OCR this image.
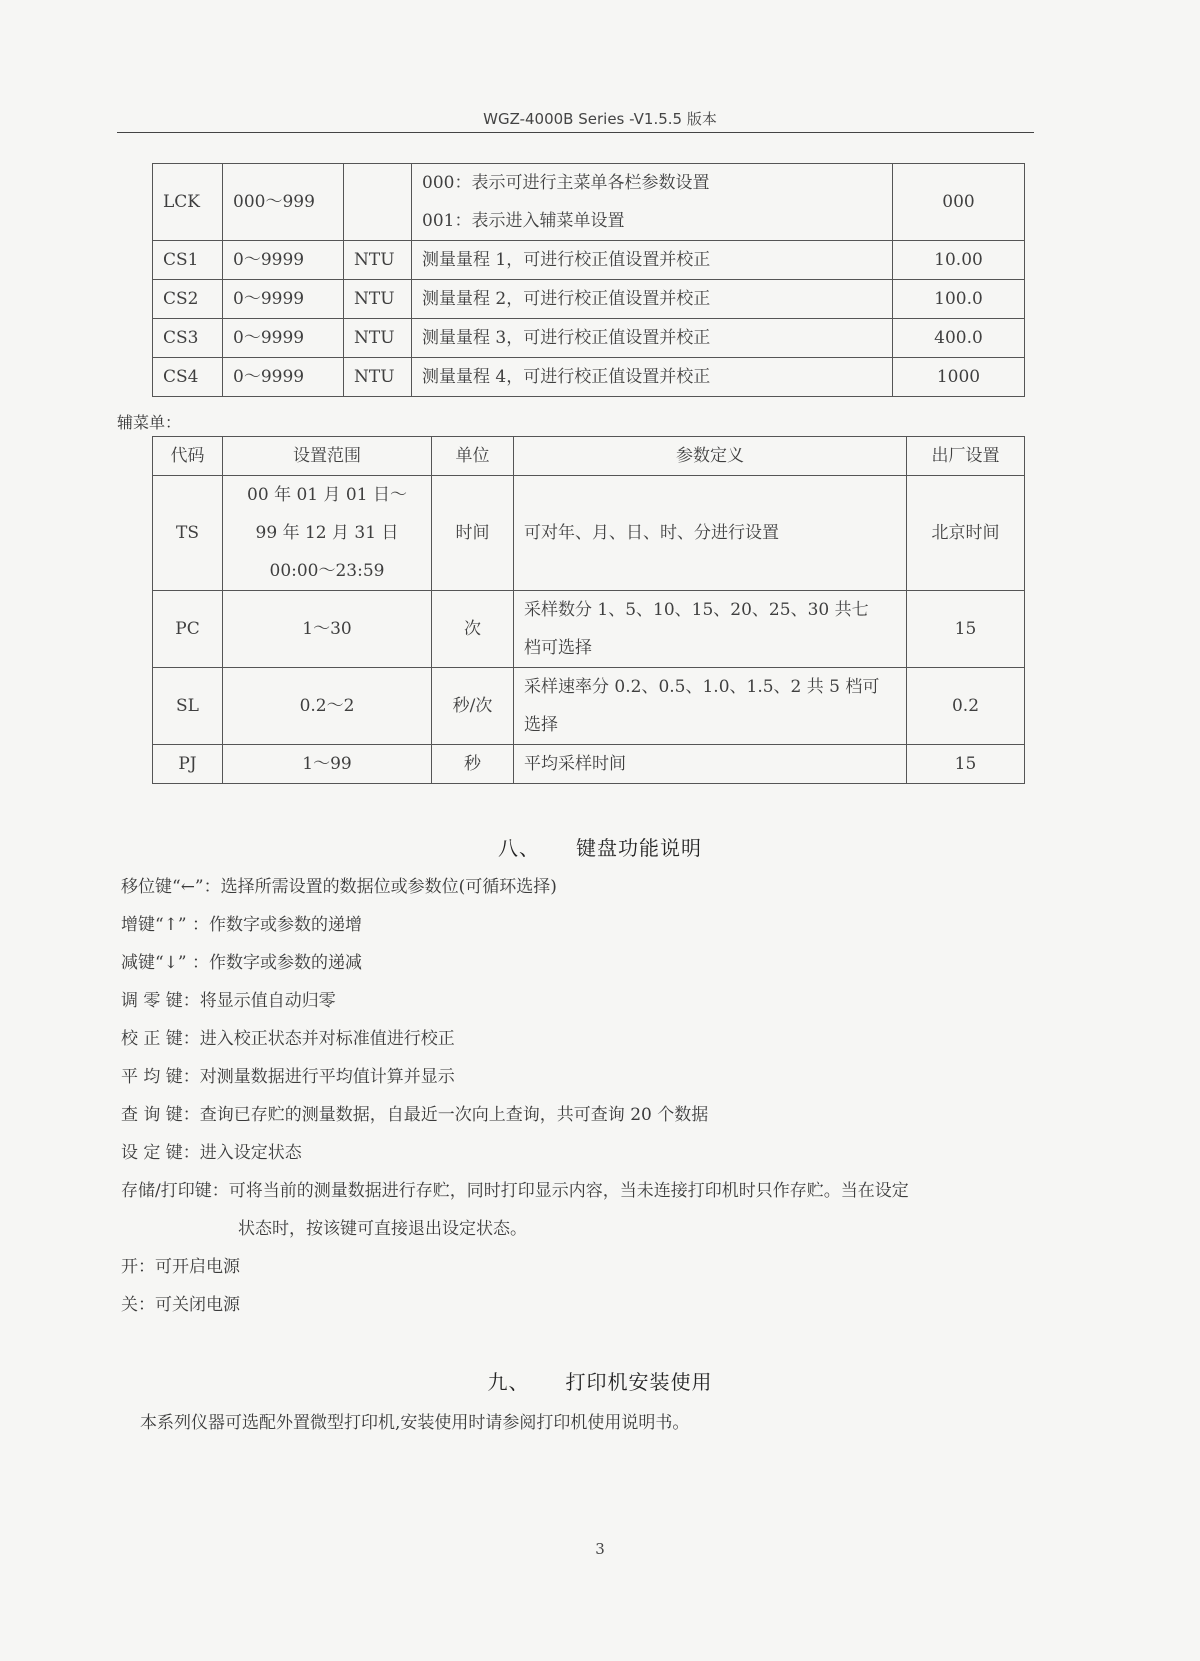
WGZ-4000B Series -V1.5.5 版本
LCK	000～999		000：表示可进行主菜单各栏参数设置
001：表示进入辅菜单设置	000
CS1	0～9999	NTU	测量量程 1，可进行校正值设置并校正	10.00
CS2	0～9999	NTU	测量量程 2，可进行校正值设置并校正	100.0
CS3	0～9999	NTU	测量量程 3，可进行校正值设置并校正	400.0
CS4	0～9999	NTU	测量量程 4，可进行校正值设置并校正	1000
辅菜单：
代码	设置范围	单位	参数定义	出厂设置
TS	00 年 01 月 01 日～
99 年 12 月 31 日
00:00～23:59	时间	可对年、月、日、时、分进行设置	北京时间
PC	1～30	次	采样数分 1、5、10、15、20、25、30 共七
档可选择	15
SL	0.2～2	秒/次	采样速率分 0.2、0.5、1.0、1.5、2 共 5 档可
选择	0.2
PJ	1～99	秒	平均采样时间	15
八、 键盘功能说明
移位键“←”：选择所需设置的数据位或参数位(可循环选择)
增键“↑” ：作数字或参数的递增
减键“↓” ：作数字或参数的递减
调 零 键：将显示值自动归零
校 正 键：进入校正状态并对标准值进行校正
平 均 键：对测量数据进行平均值计算并显示
查 询 键：查询已存贮的测量数据，自最近一次向上查询，共可查询 20 个数据
设 定 键：进入设定状态
存储/打印键：可将当前的测量数据进行存贮，同时打印显示内容，当未连接打印机时只作存贮。当在设定
状态时，按该键可直接退出设定状态。
开：可开启电源
关：可关闭电源
九、 打印机安装使用
本系列仪器可选配外置微型打印机,安装使用时请参阅打印机使用说明书。
3
